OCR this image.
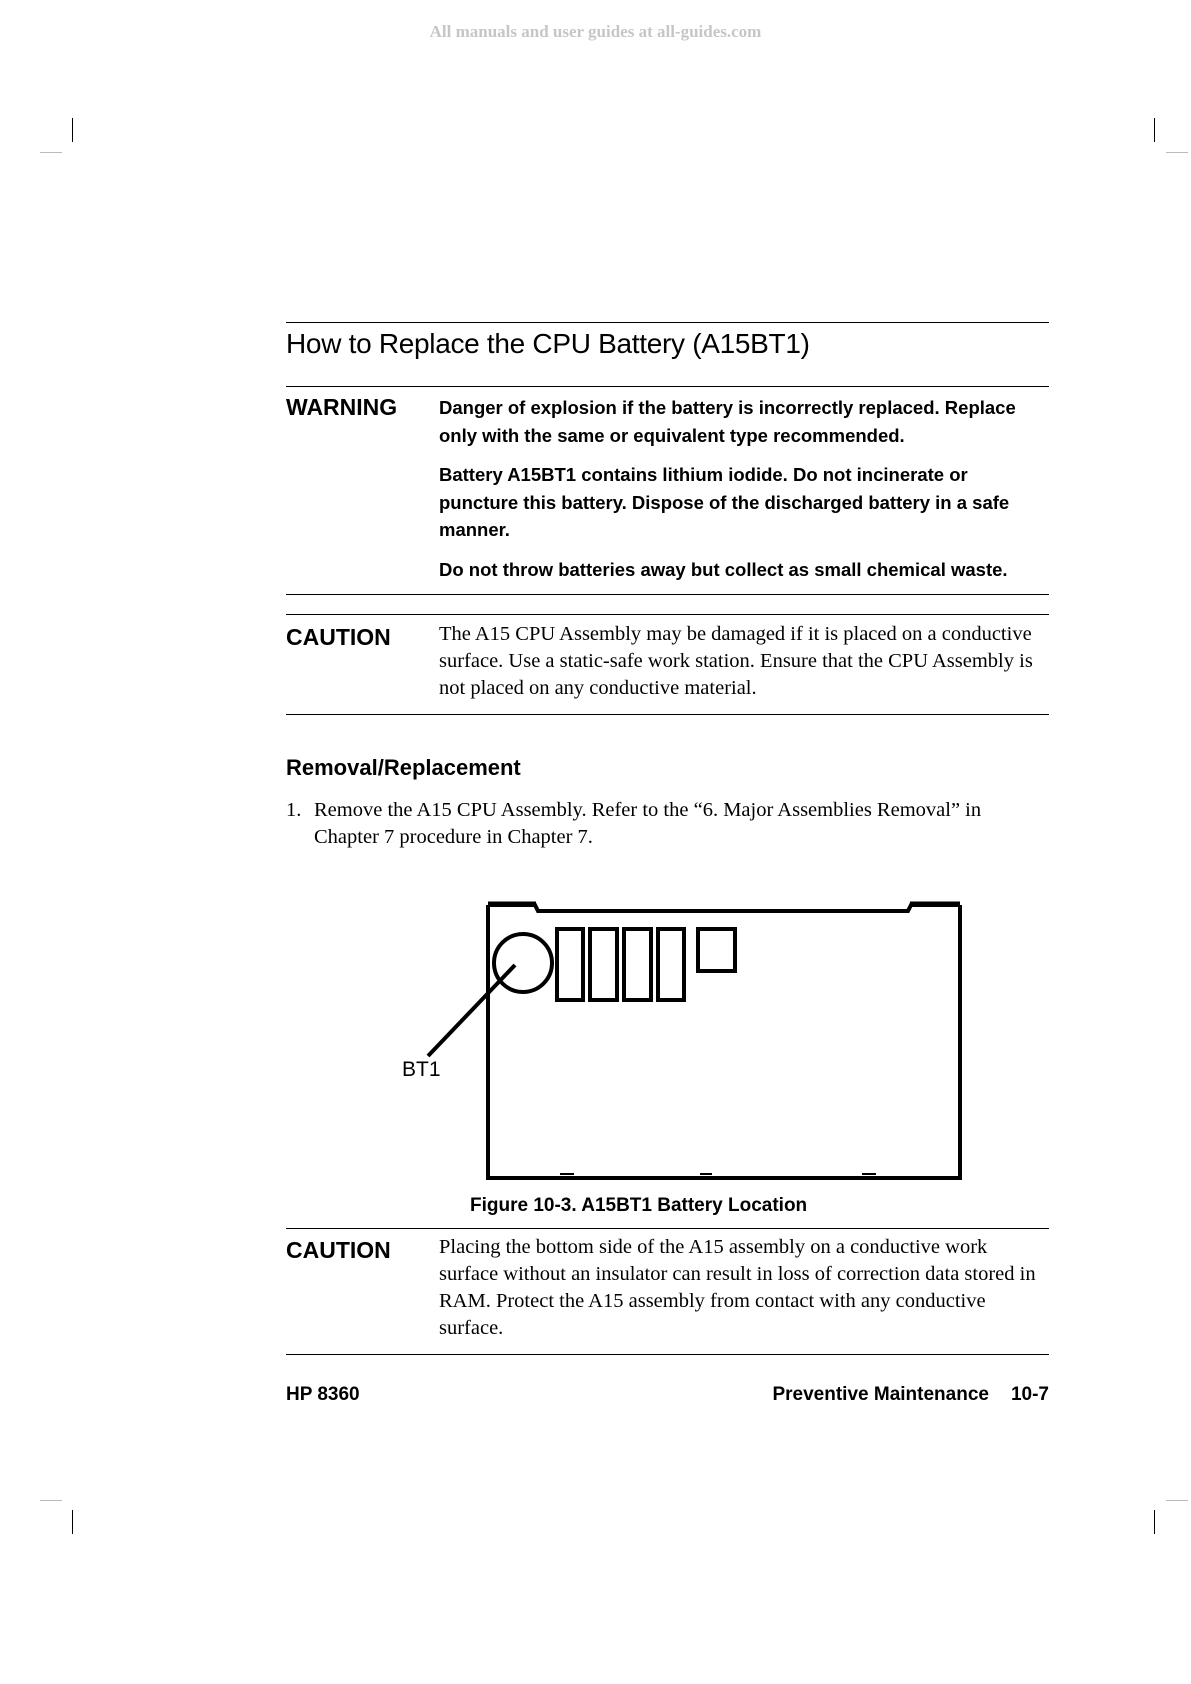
All manuals and user guides at all-guides.com
How to Replace the CPU Battery (A15BT1)
WARNING Danger of explosion if the battery is incorrectly replaced. Replace only with the same or equivalent type recommended.

Battery A15BT1 contains lithium iodide. Do not incinerate or puncture this battery. Dispose of the discharged battery in a safe manner.

Do not throw batteries away but collect as small chemical waste.

CAUTION The A15 CPU Assembly may be damaged if it is placed on a conductive surface. Use a static-safe work station. Ensure that the CPU Assembly is not placed on any conductive material.

Removal/Replacement
1. Remove the A15 CPU Assembly. Refer to the “6. Major Assemblies Removal” in Chapter 7 procedure in Chapter 7.
CAUTION Placing the bottom side of the A15 assembly on a conductive work surface without an insulator can result in loss of correction data stored in RAM. Protect the A15 assembly from contact with any conductive surface.

BT1
Figure 10-3. A15BT1 Battery Location
HP 8360	Preventive Maintenance 10-7
